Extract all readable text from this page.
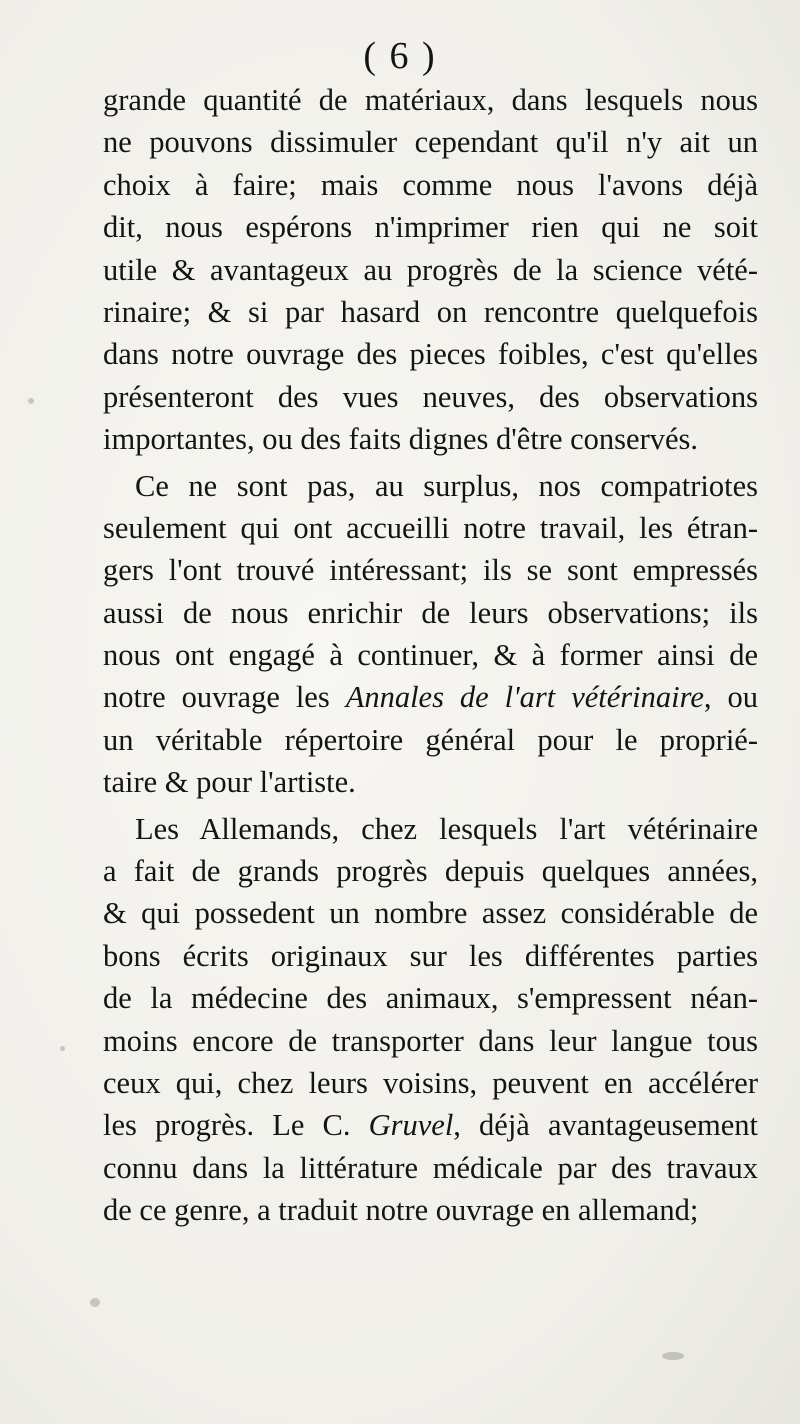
( 6 )
grande quantité de matériaux, dans lesquels nous
ne pouvons dissimuler cependant qu'il n'y ait un
choix à faire; mais comme nous l'avons déjà
dit, nous espérons n'imprimer rien qui ne soit
utile & avantageux au progrès de la science vété-
rinaire; & si par hasard on rencontre quelquefois
dans notre ouvrage des pieces foibles, c'est qu'elles
présenteront des vues neuves, des observations
importantes, ou des faits dignes d'être conservés.
Ce ne sont pas, au surplus, nos compatriotes
seulement qui ont accueilli notre travail, les étran-
gers l'ont trouvé intéressant; ils se sont empressés
aussi de nous enrichir de leurs observations; ils
nous ont engagé à continuer, & à former ainsi de
notre ouvrage les Annales de l'art vétérinaire, ou
un véritable répertoire général pour le proprié-
taire & pour l'artiste.
Les Allemands, chez lesquels l'art vétérinaire
a fait de grands progrès depuis quelques années,
& qui possedent un nombre assez considérable de
bons écrits originaux sur les différentes parties
de la médecine des animaux, s'empressent néan-
moins encore de transporter dans leur langue tous
ceux qui, chez leurs voisins, peuvent en accélérer
les progrès. Le C. Gruvel, déjà avantageusement
connu dans la littérature médicale par des travaux
de ce genre, a traduit notre ouvrage en allemand;
